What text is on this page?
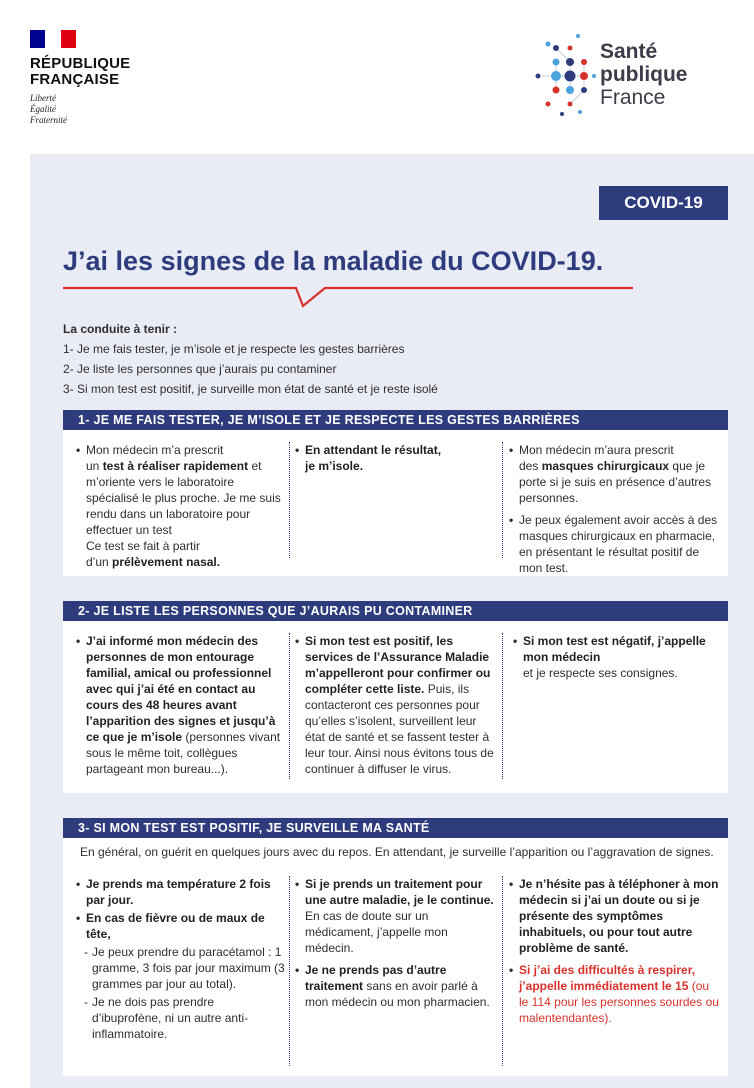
RÉPUBLIQUE
FRANÇAISE
Liberté
Égalité
Fraternité
Santé
publique
France
COVID-19
J’ai les signes de la maladie du COVID-19.
La conduite à tenir :
1- Je me fais tester, je m’isole et je respecte les gestes barrières
2- Je liste les personnes que j’aurais pu contaminer
3- Si mon test est positif, je surveille mon état de santé et je reste isolé
1- JE ME FAIS TESTER, JE M’ISOLE ET JE RESPECTE LES GESTES BARRIÈRES
• Mon médecin m’a prescrit
un test à réaliser rapidement et m’oriente vers le laboratoire spécialisé le plus proche. Je me suis rendu dans un laboratoire pour effectuer un test
Ce test se fait à partir
d’un prélèvement nasal.
• En attendant le résultat,
je m’isole.
• Mon médecin m’aura prescrit
des masques chirurgicaux que je porte si je suis en présence d’autres personnes.
• Je peux également avoir accès à des masques chirurgicaux en pharmacie, en présentant le résultat positif de mon test.
2- JE LISTE LES PERSONNES QUE J’AURAIS PU CONTAMINER
• J’ai informé mon médecin des personnes de mon entourage familial, amical ou professionnel avec qui j’ai été en contact au cours des 48 heures avant l’apparition des signes et jusqu’à ce que je m’isole (personnes vivant sous le même toit, collègues partageant mon bureau...).
• Si mon test est positif, les services de l’Assurance Maladie m’appelleront pour confirmer ou compléter cette liste. Puis, ils contacteront ces personnes pour qu’elles s’isolent, surveillent leur état de santé et se fassent tester à leur tour. Ainsi nous évitons tous de continuer à diffuser le virus.
• Si mon test est négatif, j’appelle mon médecin
et je respecte ses consignes.
3- SI MON TEST EST POSITIF, JE SURVEILLE MA SANTÉ
En général, on guérit en quelques jours avec du repos. En attendant, je surveille l’apparition ou l’aggravation de signes.
• Je prends ma température 2 fois par jour.
• En cas de fièvre ou de maux de tête,
- Je peux prendre du paracétamol : 1 gramme, 3 fois par jour maximum (3 grammes par jour au total).
- Je ne dois pas prendre d’ibuprofène, ni un autre anti-inflammatoire.
• Si je prends un traitement pour une autre maladie, je le continue. En cas de doute sur un médicament, j’appelle mon médecin.
• Je ne prends pas d’autre traitement sans en avoir parlé à mon médecin ou mon pharmacien.
• Je n’hésite pas à téléphoner à mon médecin si j’ai un doute ou si je présente des symptômes inhabituels, ou pour tout autre problème de santé.
• Si j’ai des difficultés à respirer, j’appelle immédiatement le 15 (ou le 114 pour les personnes sourdes ou malentendantes).
